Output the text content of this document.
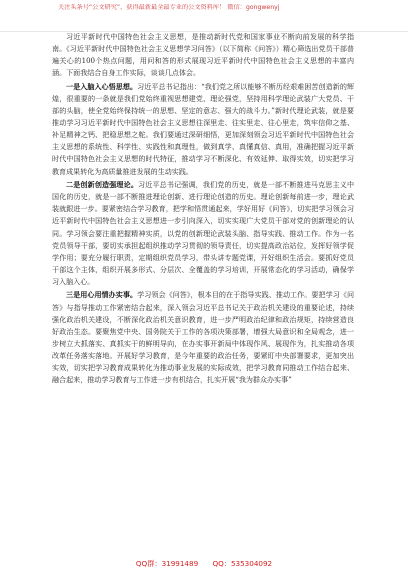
关注头条号“公文研究”，获得最新最全最专业的公文资料库！ 微信：gongwenyj

习近平新时代中国特色社会主义思想，是推动新时代党和国家事业不断向前发展的科学指南。《习近平新时代中国特色社会主义思想学习问答》（以下简称《问答》）精心筛选出党员干部普遍关心的100个热点问题，用问和答的形式展现习近平新时代中国特色社会主义思想的丰富内涵。下面我结合自身工作实际，谈谈几点体会。

一是入脑入心悟思想。习近平总书记指出：“我们党之所以能够不断历经艰难困苦创造新的辉煌，很重要的一条就是我们党始终重视思想建党、理论强党，坚持用科学理论武装广大党员、干部的头脑，使全党始终保持统一的思想、坚定的意志、强大的战斗力。”新时代理论武装，就是要推动学习习近平新时代中国特色社会主义思想往深里走、往实里走、往心里走，筑牢信仰之基、补足精神之钙、把稳思想之舵。我们要通过深研细悟，更加深刻领会习近平新时代中国特色社会主义思想的系统性、科学性、实践性和真理性，做到真学、真懂真信、真用，准确把握习近平新时代中国特色社会主义思想的时代特征，推动学习不断深化、有效延伸、取得实效，切实把学习教育成果转化为高质量推进发展的生动实践。

二是创新创造强理论。习近平总书记强调，我们党的历史，就是一部不断推进马克思主义中国化的历史，就是一部不断推进理论创新、进行理论创造的历史。理论创新每前进一步，理论武装就跟进一步。要紧密结合学习教育，把学和悟贯通起来，学好用好《问答》，切实把学习领会习近平新时代中国特色社会主义思想进一步引向深入，切实实现广大党员干部对党的创新理论的认同。学习领会要注重把握精神实质，以党的创新理论武装头脑、指导实践、推动工作。作为一名党员领导干部，要切实承担起组织推动学习贯彻的领导责任，切实提高政治站位，发挥好领学促学作用；要充分履行职责，定期组织党员学习，带头讲专题党课，开好组织生活会。要抓好党员干部这个主体，组织开展多形式、分层次、全覆盖的学习培训，开展常态化的学习活动，确保学习入脑入心。

三是用心用情办实事。学习领会《问答》，根本目的在于指导实践、推动工作。要把学习《问答》与指导推动工作紧密结合起来，深入领会习近平总书记关于政治机关建设的重要论述，持续强化政治机关建设，不断深化政治机关意识教育，进一步严明政治纪律和政治规矩，持续营造良好政治生态。要聚焦党中央、国务院关于工作的各项决策部署，增强大局意识和全局观念，进一步树立大抓落实、真抓实干的鲜明导向，在办实事开新局中体现作风、展现作为，扎实推动各项改革任务落实落地。开展好学习教育，是今年重要的政治任务，要紧盯中央部署要求，更加突出实效，切实把学习教育成果转化为推动事业发展的实际成效，把学习教育同推动工作结合起来、融合起来，推动学习教育与工作进一步有机结合，扎实开展“我为群众办实事”

QQ群：31991489 QQ：535304092
